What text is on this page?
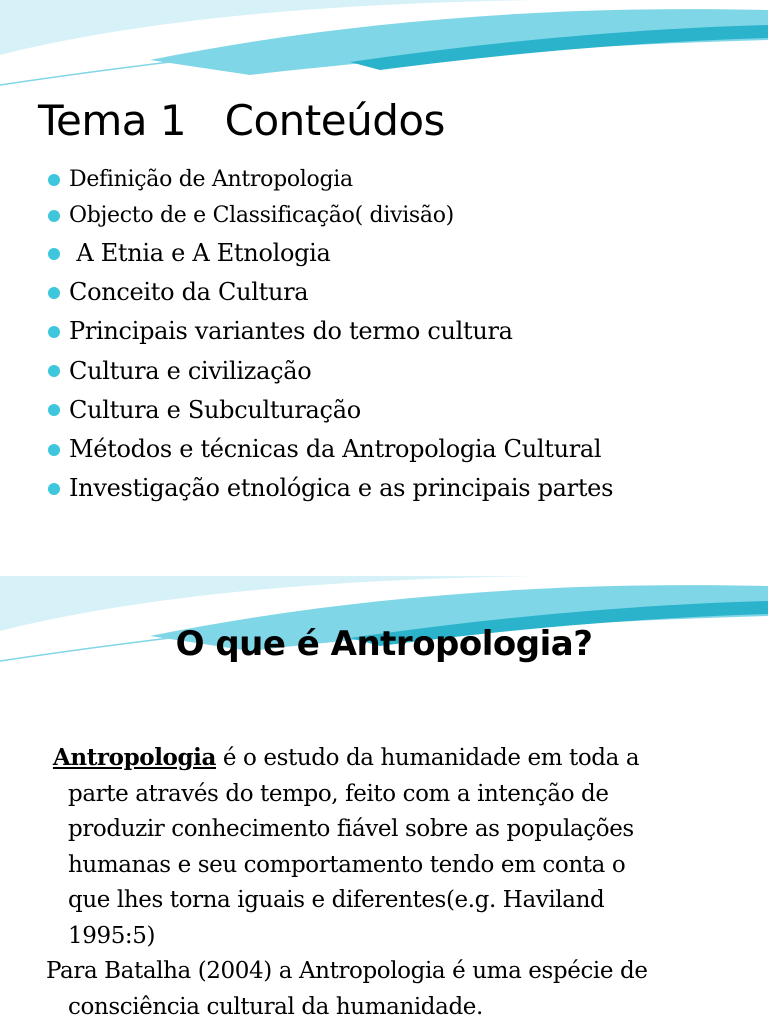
Tema 1   Conteúdos
Definição de Antropologia
Objecto de e Classificação( divisão)
A Etnia e A Etnologia
Conceito da Cultura
Principais variantes do termo cultura
Cultura e civilização
Cultura e Subculturação
Métodos e técnicas da Antropologia Cultural
Investigação etnológica e as principais partes
O que é Antropologia?

Antropologia é o estudo da humanidade em toda a

parte através do tempo, feito com a intenção de

produzir conhecimento fiável sobre as populações

humanas e seu comportamento tendo em conta o

que lhes torna iguais e diferentes(e.g. Haviland

1995:5)

Para Batalha (2004) a Antropologia é uma espécie de

consciência cultural da humanidade.
